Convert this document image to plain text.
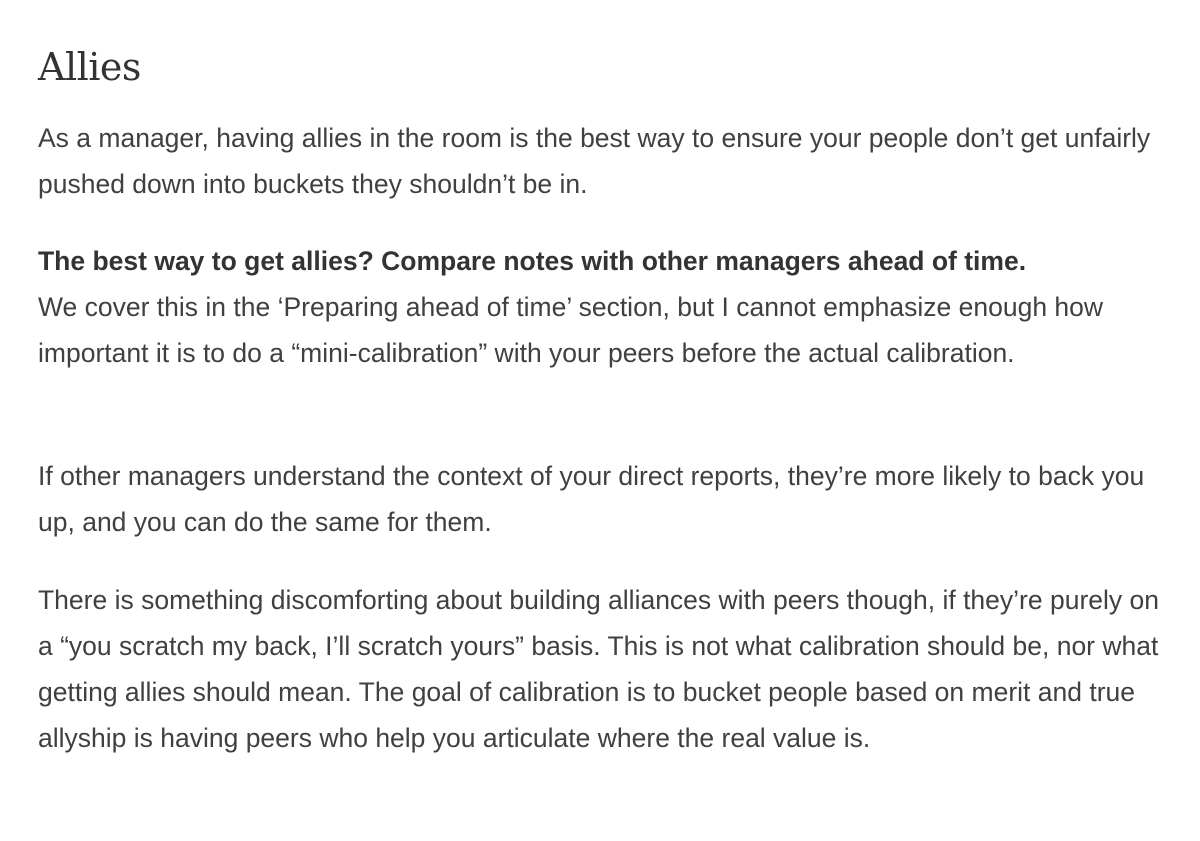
Allies

As a manager, having allies in the room is the best way to ensure your people don’t get unfairly pushed down into buckets they shouldn’t be in.

The best way to get allies? Compare notes with other managers ahead of time.
We cover this in the ‘Preparing ahead of time’ section, but I cannot emphasize enough how important it is to do a “mini-calibration” with your peers before the actual calibration.

If other managers understand the context of your direct reports, they’re more likely to back you up, and you can do the same for them.

There is something discomforting about building alliances with peers though, if they’re purely on a “you scratch my back, I’ll scratch yours” basis. This is not what calibration should be, nor what getting allies should mean. The goal of calibration is to bucket people based on merit and true allyship is having peers who help you articulate where the real value is.
